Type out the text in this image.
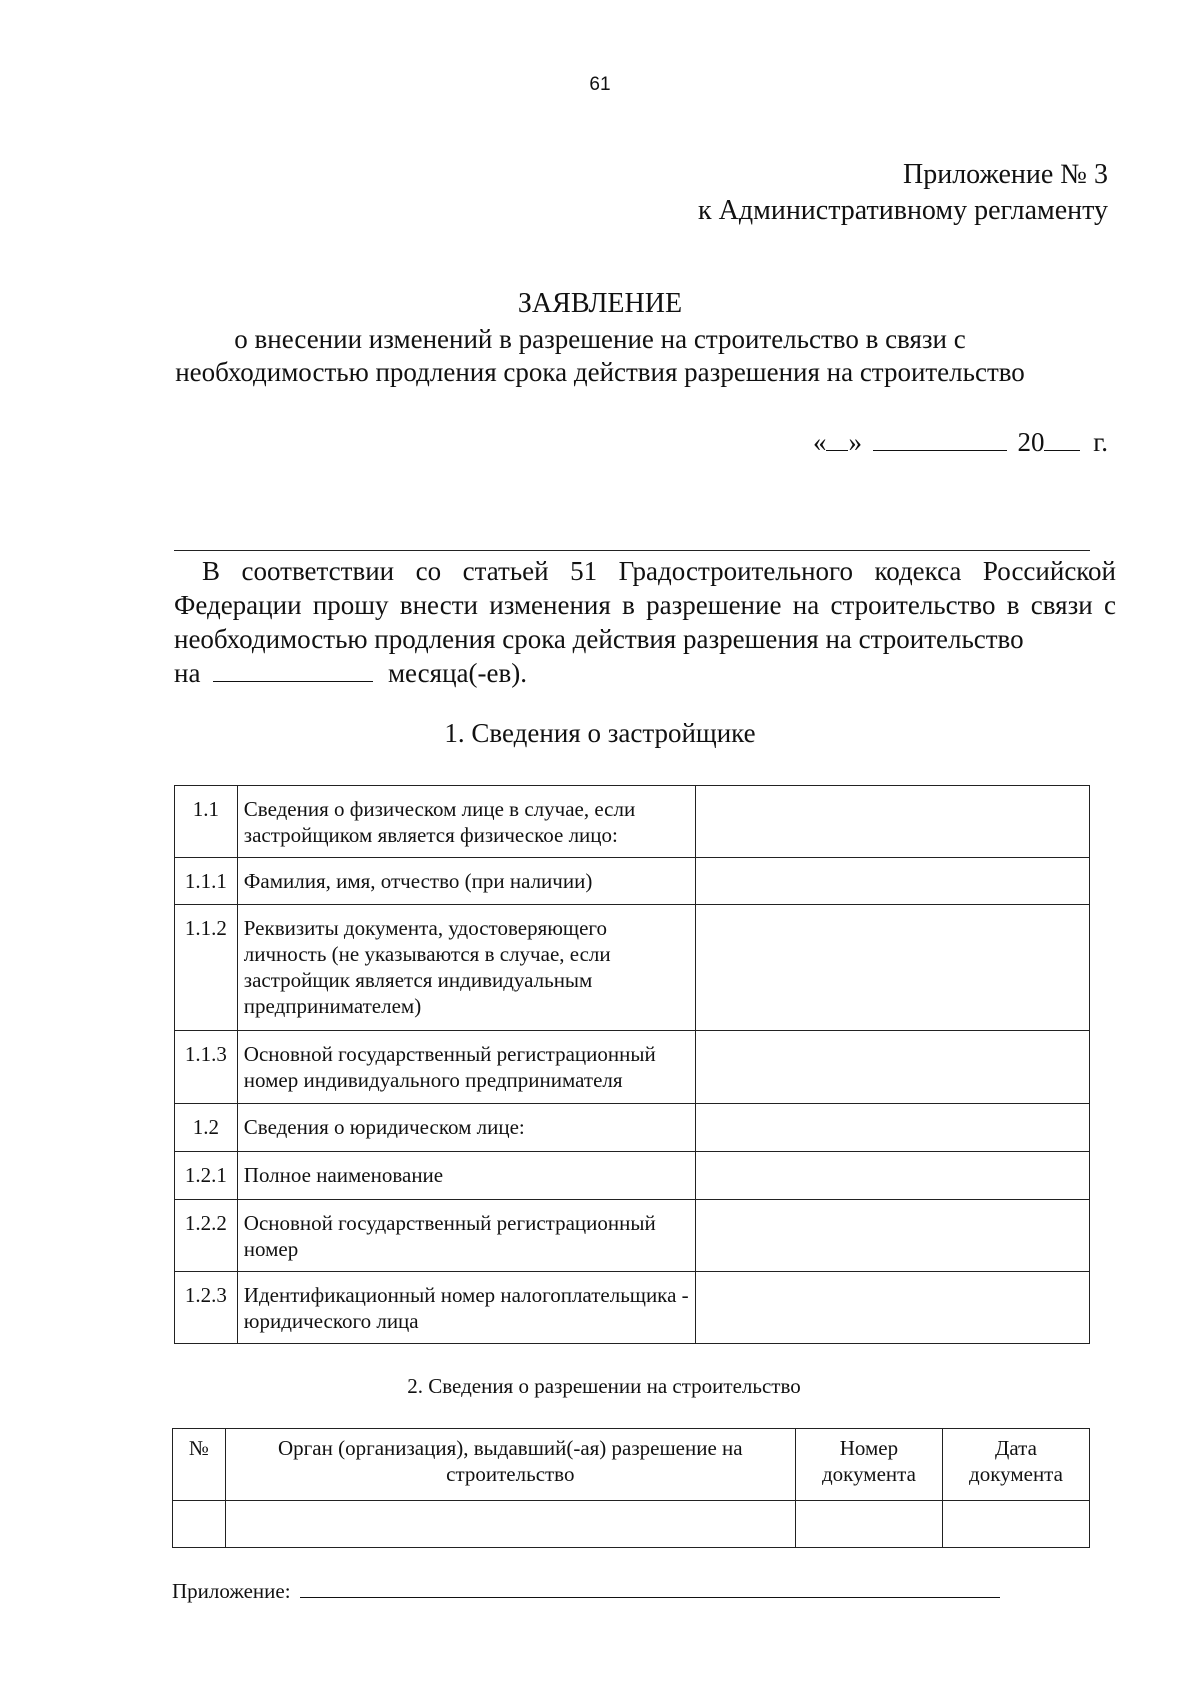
61
Приложение № 3
к Административному регламенту
ЗАЯВЛЕНИЕ
о внесении изменений в разрешение на строительство в связи с
необходимостью продления срока действия разрешения на строительство
« »	20 г.
В соответствии со статьей 51 Градостроительного кодекса Российской Федерации прошу внести изменения в разрешение на строительство в связи с необходимостью продления срока действия разрешения на строительство
на	месяца(-ев).
1. Сведения о застройщике
1.1	Сведения о физическом лице в случае, если застройщиком является физическое лицо:	
1.1.1	Фамилия, имя, отчество (при наличии)	
1.1.2	Реквизиты документа, удостоверяющего личность (не указываются в случае, если застройщик является индивидуальным предпринимателем)	
1.1.3	Основной государственный регистрационный номер индивидуального предпринимателя	
1.2	Сведения о юридическом лице:	
1.2.1	Полное наименование	
1.2.2	Основной государственный регистрационный номер	
1.2.3	Идентификационный номер налогоплательщика - юридического лица	
2. Сведения о разрешении на строительство
№	Орган (организация), выдавший(-ая) разрешение на строительство	Номер документа	Дата документа

Приложение:
